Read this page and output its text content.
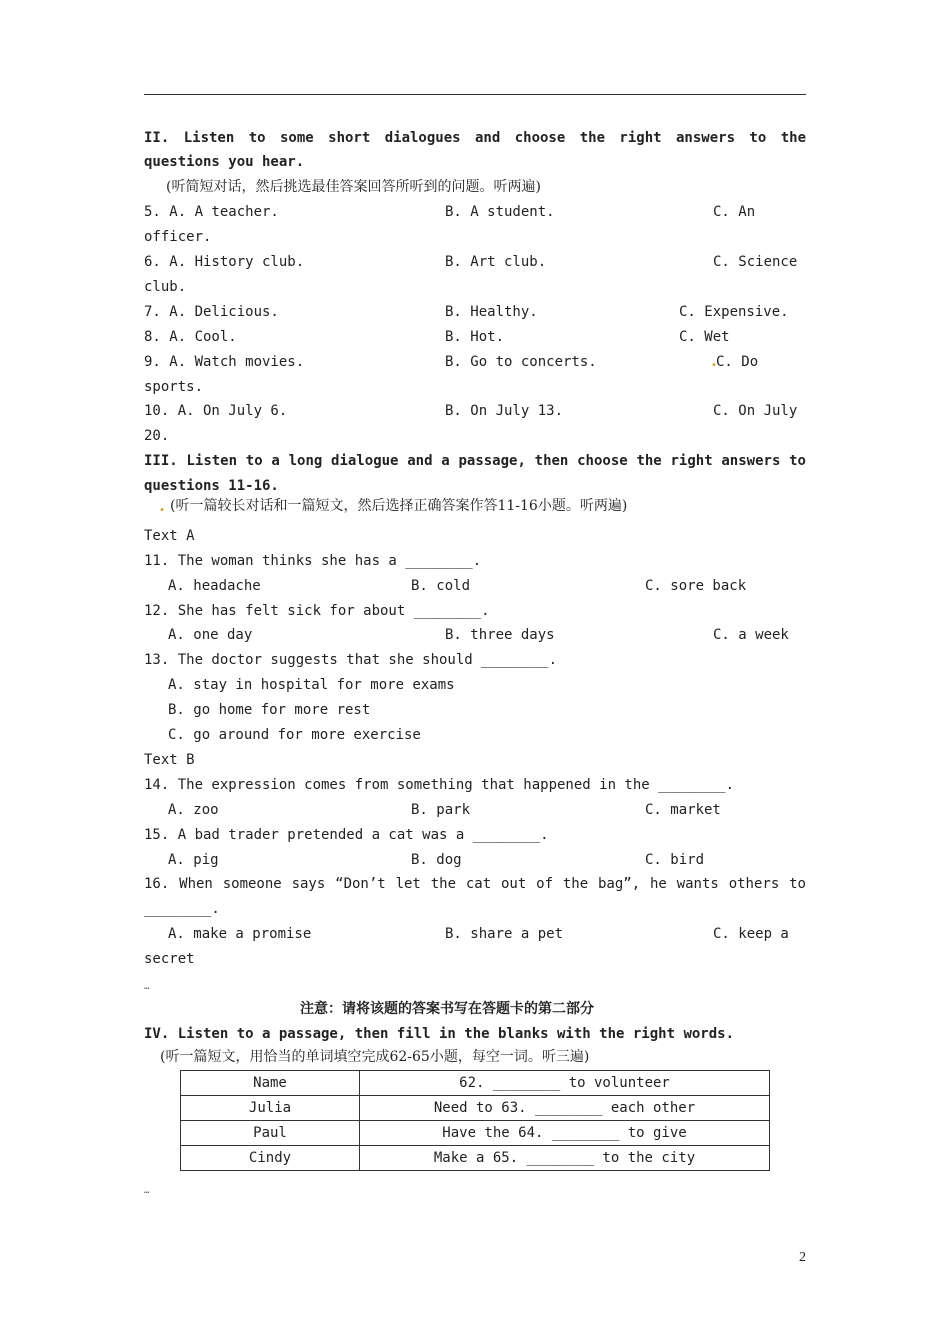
II. Listen to some short dialogues and choose the right answers to the
questions you hear.
(听简短对话，然后挑选最佳答案回答所听到的问题。听两遍)
5. A. A teacher.	B. A student.	C. An
officer.
6. A. History club.	B. Art club.	C. Science
club.
7. A. Delicious.	B. Healthy.	C. Expensive.
8. A. Cool.	B. Hot.	C. Wet
9. A. Watch movies.	B. Go to concerts.	•
C. Do
sports.
10. A. On July 6.	B. On July 13.	C. On July
20.
III. Listen to a long dialogue and a passage, then choose the right answers to
questions 11-16.
• (听一篇较长对话和一篇短文，然后选择正确答案作答11-16小题。听两遍)
Text A
11. The woman thinks she has a ________.
A. headache	B. cold	C. sore back
12. She has felt sick for about ________.
A. one day	B. three days	C. a week
13. The doctor suggests that she should ________.
A. stay in hospital for more exams
B. go home for more rest
C. go around for more exercise
Text B
14. The expression comes from something that happened in the ________.
A. zoo	B. park	C. market
15. A bad trader pretended a cat was a ________.
A. pig	B. dog	C. bird
16. When someone says “Don’t let the cat out of the bag”, he wants others to
________.
A. make a promise	B. share a pet	C. keep a
secret
…
注意：请将该题的答案书写在答题卡的第二部分
IV. Listen to a passage, then fill in the blanks with the right words.
(听一篇短文，用恰当的单词填空完成62-65小题，每空一词。听三遍)
Name	62. ________ to volunteer
Julia	Need to 63. ________ each other
Paul	Have the 64. ________ to give
Cindy	Make a 65. ________ to the city
…
2
